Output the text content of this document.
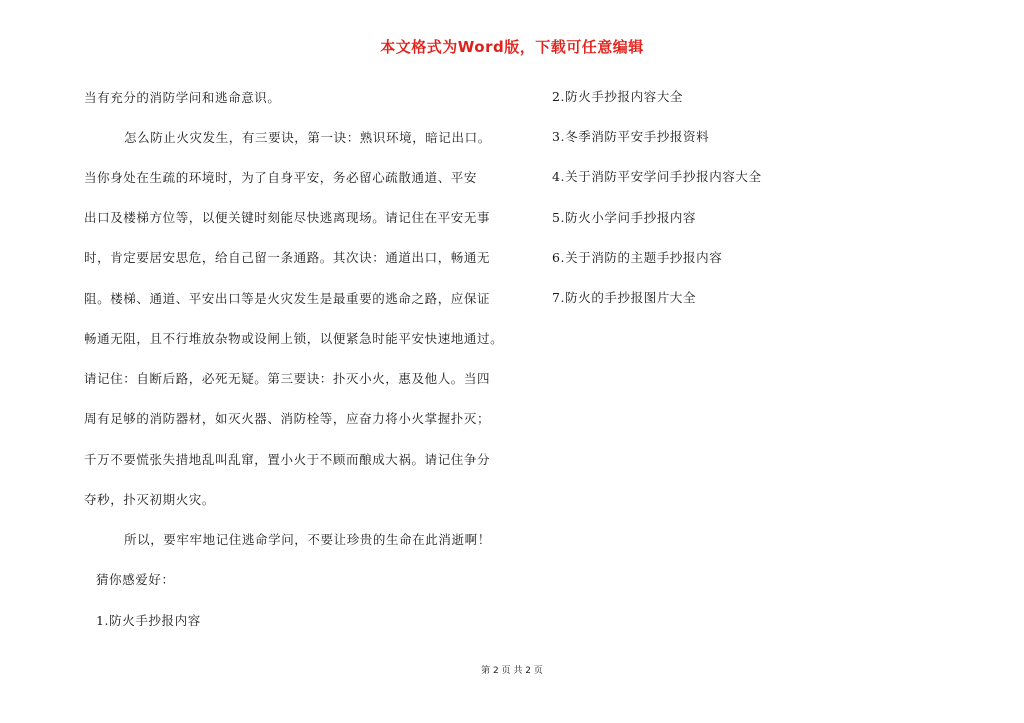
本文格式为Word版，下载可任意编辑
当有充分的消防学问和逃命意识。
怎么防止火灾发生，有三要诀，第一诀：熟识环境，暗记出口。
当你身处在生疏的环境时，为了自身平安，务必留心疏散通道、平安
出口及楼梯方位等，以便关键时刻能尽快逃离现场。请记住在平安无事
时，肯定要居安思危，给自己留一条通路。其次诀：通道出口，畅通无
阻。楼梯、通道、平安出口等是火灾发生是最重要的逃命之路，应保证
畅通无阻，且不行堆放杂物或设闸上锁，以便紧急时能平安快速地通过。
请记住：自断后路，必死无疑。第三要诀：扑灭小火，惠及他人。当四
周有足够的消防器材，如灭火器、消防栓等，应奋力将小火掌握扑灭；
千万不要慌张失措地乱叫乱窜，置小火于不顾而酿成大祸。请记住争分
夺秒，扑灭初期火灾。
所以，要牢牢地记住逃命学问，不要让珍贵的生命在此消逝啊！
猜你感爱好：
1.防火手抄报内容
2.防火手抄报内容大全
3.冬季消防平安手抄报资料
4.关于消防平安学问手抄报内容大全
5.防火小学问手抄报内容
6.关于消防的主题手抄报内容
7.防火的手抄报图片大全
第 2 页 共 2 页
